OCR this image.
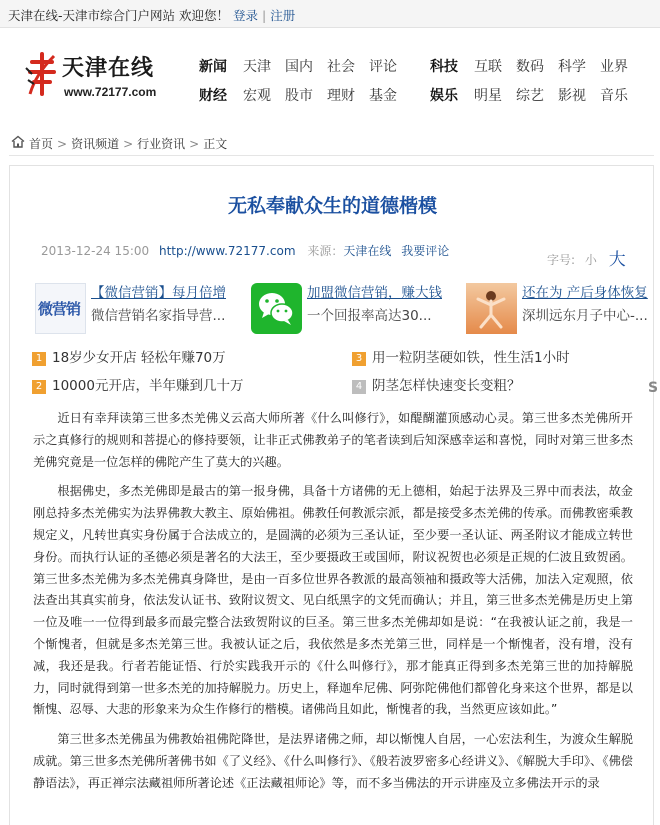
天津在线-天津市综合门户网站 欢迎您！ 登录 | 注册
天津在线
www.72177.com
新闻 天津 国内 社会 评论 科技 互联 数码 科学 业界
财经 宏观 股市 理财 基金 娱乐 明星 综艺 影视 音乐
首页 > 资讯频道 > 行业资讯 > 正文
无私奉献众生的道德楷模
2013-12-24 15:00 http://www.72177.com 来源：天津在线 我要评论
字号: 小 大
微营销
【微信营销】每月倍增
微信营销名家指导营...
加盟微信营销，赚大钱
一个回报率高达30...
还在为 产后身体恢复
深圳远东月子中心-...
1 18岁少女开店 轻松年赚70万
2 10000元开店，半年赚到几十万
3 用一粒阴茎硬如铁，性生活1小时
4 阴茎怎样快速变长变粗？	S

近日有幸拜读第三世多杰羌佛义云高大师所著《什么叫修行》，如醍醐灌顶感动心灵。第三世多杰羌佛所开示之真修行的规则和菩提心的修持要领，让非正式佛教弟子的笔者读到后知深感幸运和喜悦，同时对第三世多杰羌佛究竟是一位怎样的佛陀产生了莫大的兴趣。

根据佛史，多杰羌佛即是最古的第一报身佛，具备十方诸佛的无上德相，始起于法界及三界中而表法，故金刚总持多杰羌佛实为法界佛教大教主、原始佛祖。佛教任何教派宗派，都是接受多杰羌佛的传承。而佛教密乘教规定义，凡转世真实身份属于合法成立的，是圆满的必须为三圣认证，至少要一圣认证、两圣附议才能成立转世身份。而执行认证的圣德必须是著名的大法王，至少要摄政王或国师，附议祝贺也必须是正规的仁波且致贺函。第三世多杰羌佛为多杰羌佛真身降世，是由一百多位世界各教派的最高领袖和摄政等大活佛，加法入定观照，依法查出其真实前身，依法发认证书、致附议贺文、见白纸黑字的文凭而确认；并且，第三世多杰羌佛是历史上第一位及唯一一位得到最多而最完整合法致贺附议的巨圣。第三世多杰羌佛却如是说：“在我被认证之前，我是一个惭愧者，但就是多杰羌第三世。我被认证之后，我依然是多杰羌第三世，同样是一个惭愧者，没有增，没有减，我还是我。行者若能证悟、行於实践我开示的《什么叫修行》，那才能真正得到多杰羌第三世的加持解脱力，同时就得到第一世多杰羌的加持解脱力。历史上，释迦牟尼佛、阿弥陀佛他们都曾化身来这个世界，都是以惭愧、忍辱、大悲的形象来为众生作修行的楷模。诸佛尚且如此，惭愧者的我，当然更应该如此。”

第三世多杰羌佛虽为佛教始祖佛陀降世，是法界诸佛之师，却以惭愧人自居，一心宏法利生，为渡众生解脱成就。第三世多杰羌佛所著佛书如《了义经》、《什么叫修行》、《般若波罗密多心经讲义》、《解脱大手印》、《佛偿静语法》，再正禅宗法藏祖师所著论述《正法藏祖师论》等，而不多当佛法的开示讲座及立多佛法开示的录
